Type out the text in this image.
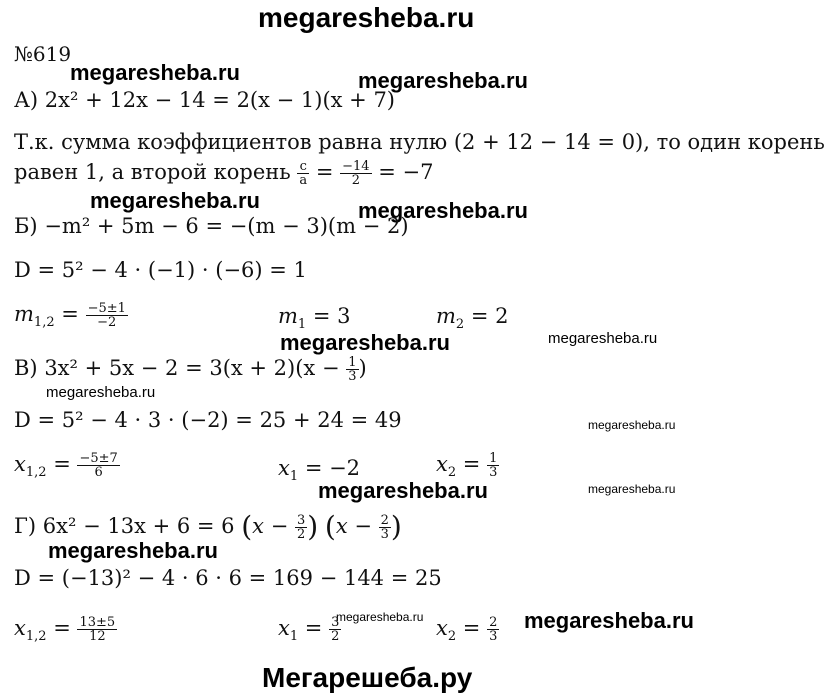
megaresheba.ru
megaresheba.ru	megaresheba.ru
megaresheba.ru	megaresheba.ru
megaresheba.ru	megaresheba.ru
megaresheba.ru
megaresheba.ru
megaresheba.ru	megaresheba.ru
megaresheba.ru
megaresheba.ru	megaresheba.ru
Мегарешеба.ру
№619
А) 2x² + 12x − 14 = 2(x − 1)(x + 7)
Т.к. сумма коэффициентов равна нулю (2 + 12 − 14 = 0), то один корень
равен 1, а второй корень $\frac{c}{a} = \frac{-14}{2} = -7$
Б) −m² + 5m − 6 = −(m − 3)(m − 2)
D = 5² − 4 · (−1) · (−6) = 1
$m_{1,2} = \frac{-5\pm 1}{-2}$	$m_1 = 3$	$m_2 = 2$
В) $3x^2 + 5x - 2 = 3(x + 2)(x - \frac{1}{3}$ )
D = 5² − 4 · 3 · (−2) = 25 + 24 = 49
$x_{1,2} = \frac{-5\pm 7}{6}$	$x_1 = -2$	$x_2 = \frac{1}{3}$
Г) 6x² − 13x + 6 = 6 ($x - \frac{3}{2}$ ) ($x - \frac{2}{3}$ )
D = (−13)² − 4 · 6 · 6 = 169 − 144 = 25
$x_{1,2} = \frac{13\pm 5}{12}$	$x_1 = \frac{3}{2}$	$x_2 = \frac{2}{3}$
